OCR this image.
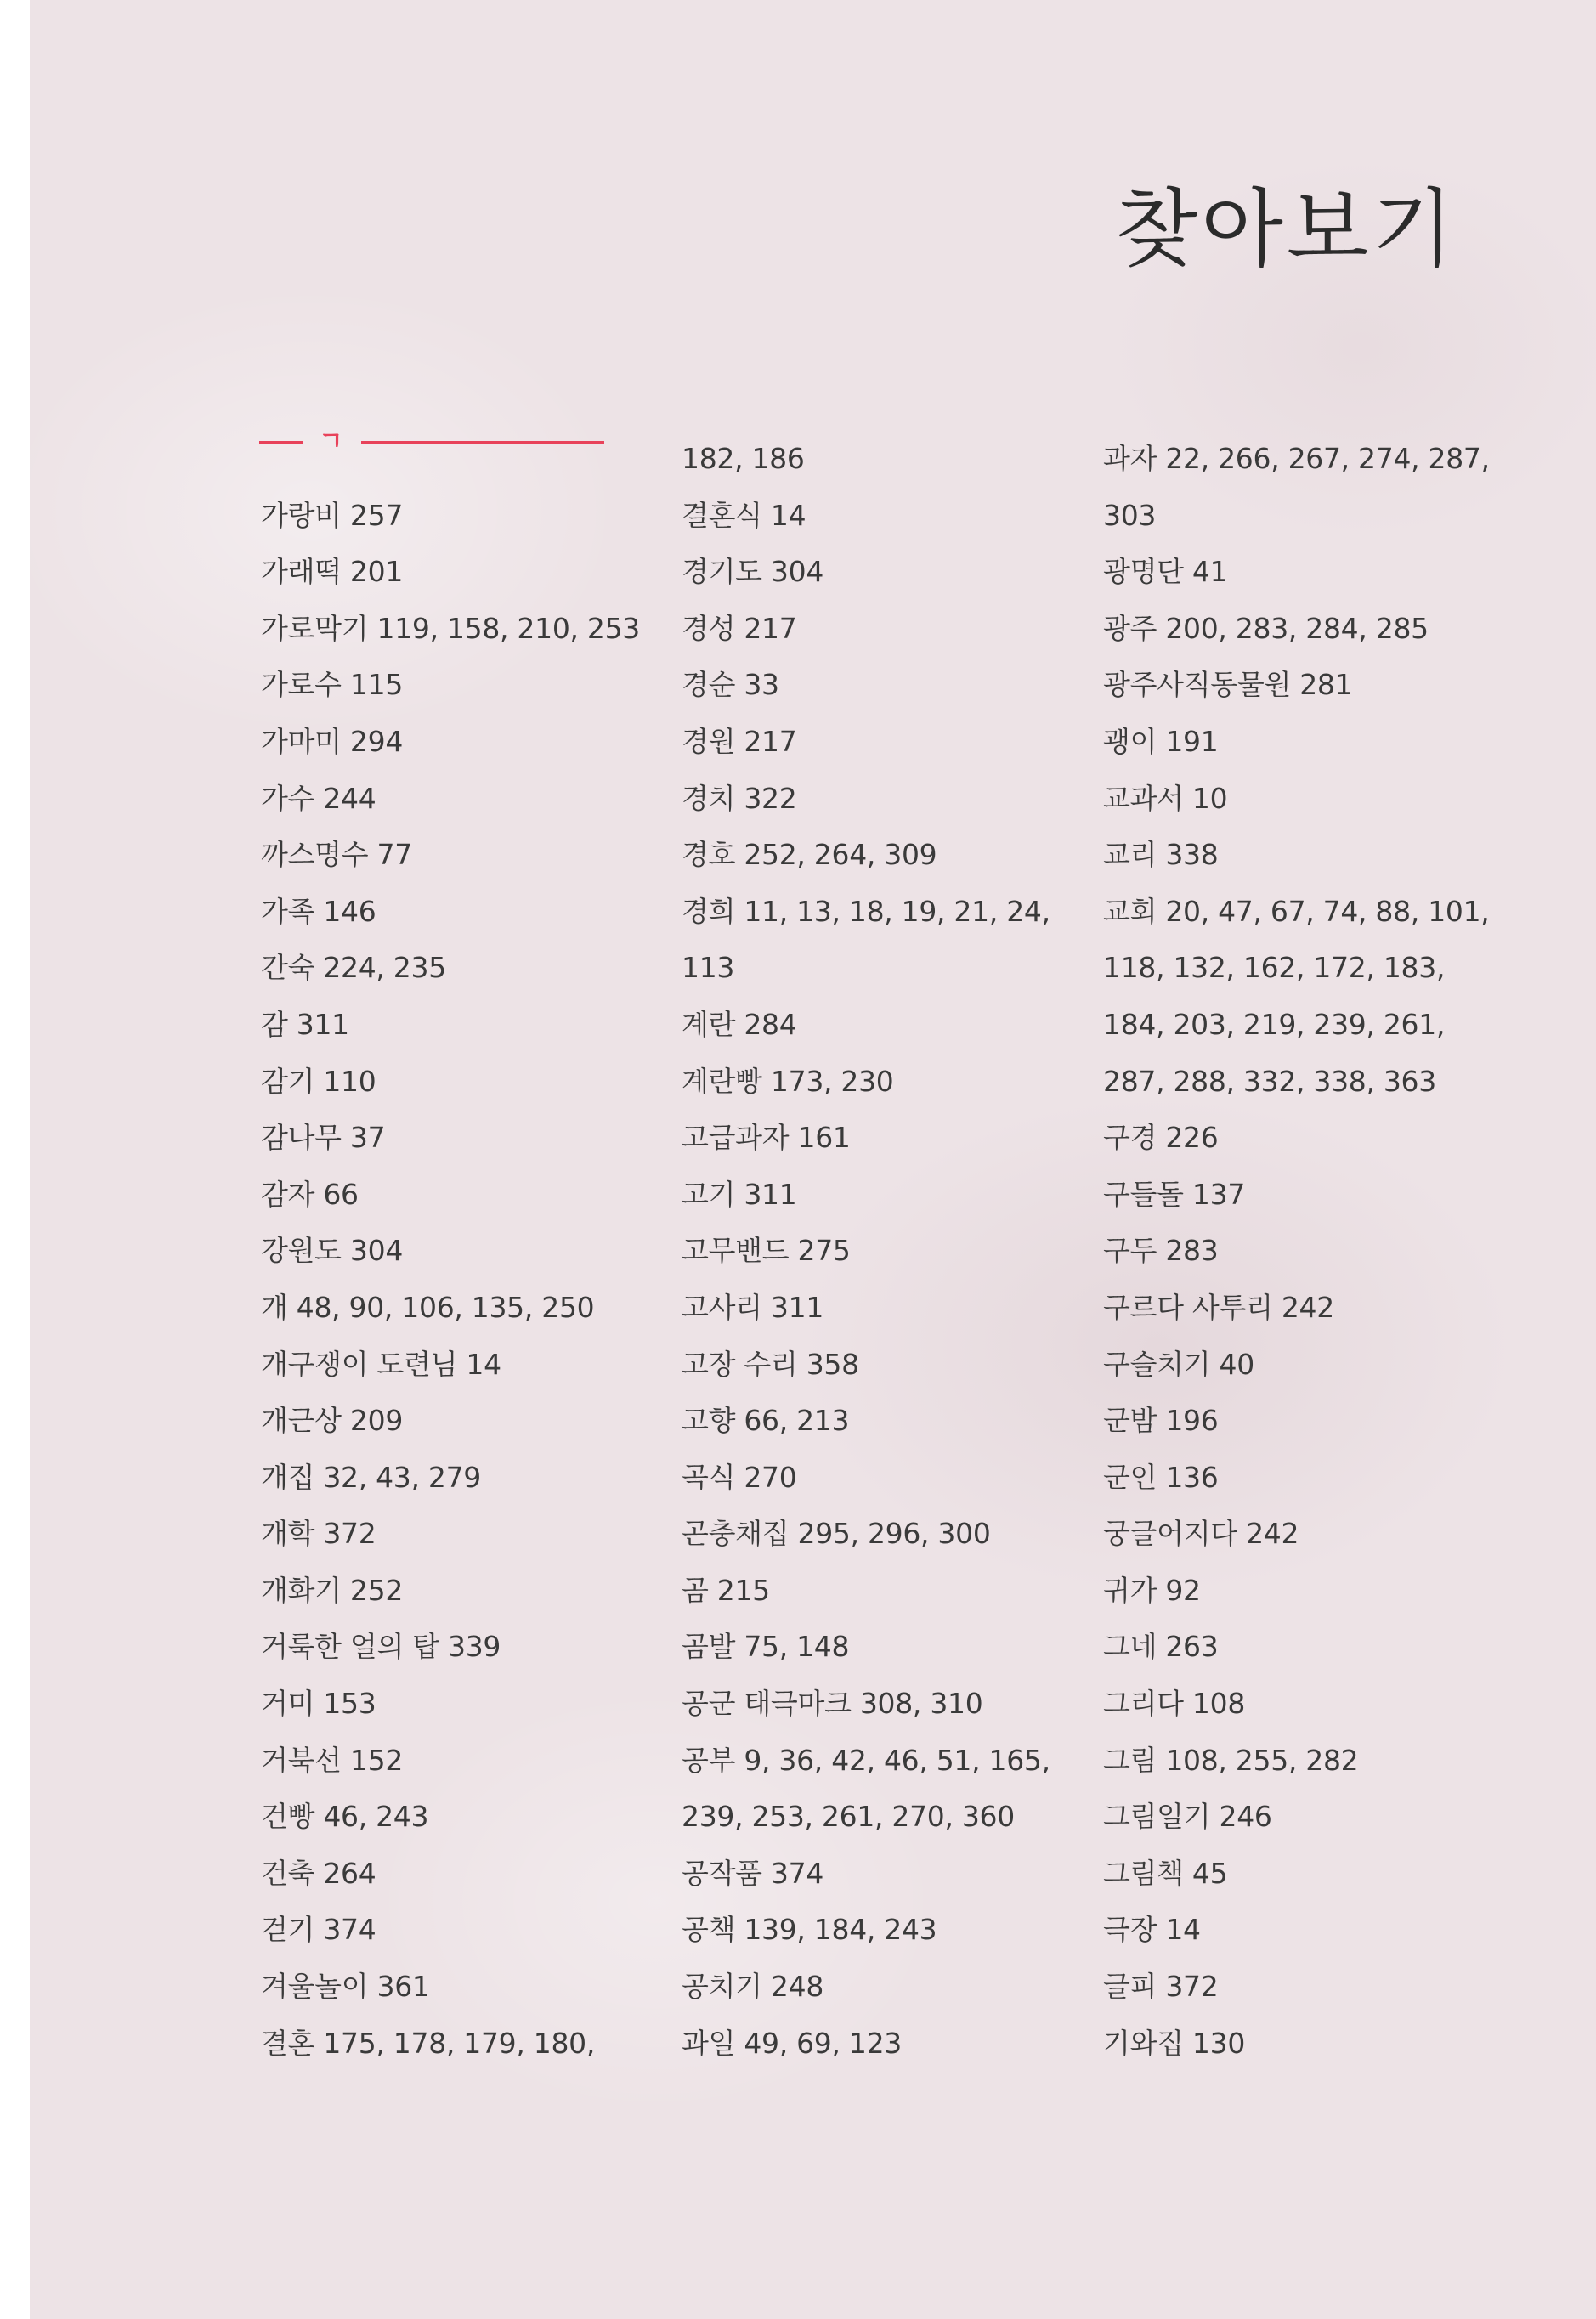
찾아보기
ㄱ
가랑비 257
가래떡 201
가로막기 119, 158, 210, 253
가로수 115
가마미 294
가수 244
까스명수 77
가족 146
간숙 224, 235
감 311
감기 110
감나무 37
감자 66
강원도 304
개 48, 90, 106, 135, 250
개구쟁이 도련님 14
개근상 209
개집 32, 43, 279
개학 372
개화기 252
거룩한 얼의 탑 339
거미 153
거북선 152
건빵 46, 243
건축 264
걷기 374
겨울놀이 361
결혼 175, 178, 179, 180,
182, 186
결혼식 14
경기도 304
경성 217
경순 33
경원 217
경치 322
경호 252, 264, 309
경희 11, 13, 18, 19, 21, 24,
113
계란 284
계란빵 173, 230
고급과자 161
고기 311
고무밴드 275
고사리 311
고장 수리 358
고향 66, 213
곡식 270
곤충채집 295, 296, 300
곰 215
곰발 75, 148
공군 태극마크 308, 310
공부 9, 36, 42, 46, 51, 165,
239, 253, 261, 270, 360
공작품 374
공책 139, 184, 243
공치기 248
과일 49, 69, 123
과자 22, 266, 267, 274, 287,
303
광명단 41
광주 200, 283, 284, 285
광주사직동물원 281
괭이 191
교과서 10
교리 338
교회 20, 47, 67, 74, 88, 101,
118, 132, 162, 172, 183,
184, 203, 219, 239, 261,
287, 288, 332, 338, 363
구경 226
구들돌 137
구두 283
구르다 사투리 242
구슬치기 40
군밤 196
군인 136
궁글어지다 242
귀가 92
그네 263
그리다 108
그림 108, 255, 282
그림일기 246
그림책 45
극장 14
글피 372
기와집 130
